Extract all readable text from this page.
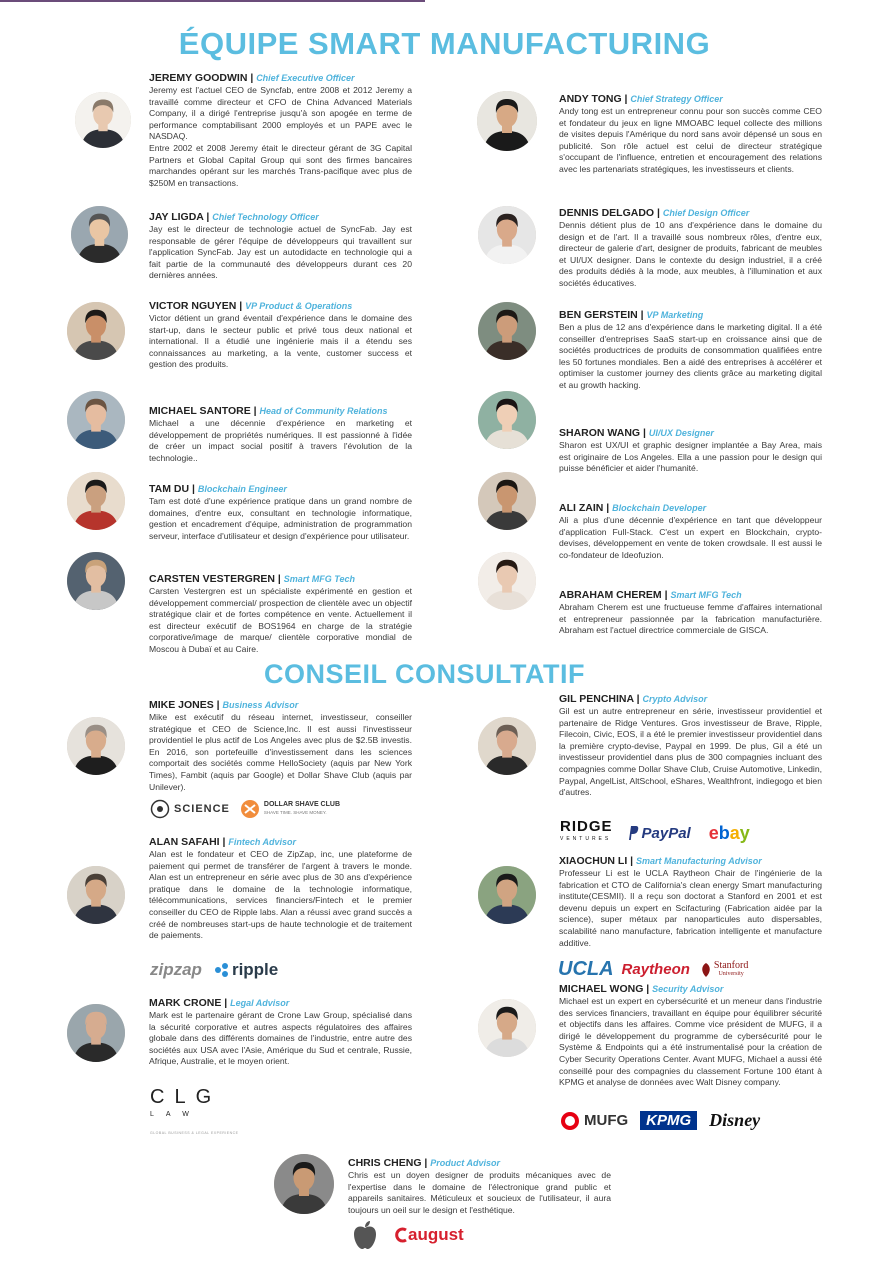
ÉQUIPE SMART MANUFACTURING
CONSEIL CONSULTATIF
JEREMY GOODWIN | Chief Executive Officer

Jeremy est l'actuel CEO de Syncfab, entre 2008 et 2012 Jeremy a travaillé comme directeur et CFO de China Advanced Materials Company, il a dirigé l'entreprise jusqu'à son apogée en terme de performance comptabilisant 2000 employés et un PAPE avec le NASDAQ.

Entre 2002 et 2008 Jeremy était le directeur gérant de 3G Capital Partners et Global Capital Group qui sont des firmes bancaires marchandes opérant sur les marchés Trans-pacifique avec plus de $250M en transactions.

JAY LIGDA | Chief Technology Officer

Jay est le directeur de technologie actuel de SyncFab. Jay est responsable de gérer l'équipe de développeurs qui travaillent sur l'application SyncFab. Jay est un autodidacte en technologie qui a fait partie de la communauté des développeurs durant ces 20 dernières années.

VICTOR NGUYEN | VP Product & Operations

Victor détient un grand éventail d'expérience dans le domaine des start-up, dans le secteur public et privé tous deux national et international. Il a étudié une ingénierie mais il a étendu ses connaissances au marketing, a la vente, customer success et gestion des produits.

MICHAEL SANTORE | Head of Community Relations

Michael a une décennie d'expérience en marketing et développement de propriétés numériques. Il est passionné à l'idée de créer un impact social positif à travers l'évolution de la technologie..

TAM DU | Blockchain Engineer

Tam est doté d'une expérience pratique dans un grand nombre de domaines, d'entre eux, consultant en technologie informatique, gestion et encadrement d'équipe, administration de programmation serveur, interface d'utilisateur et design d'expérience pour utilisateur.

CARSTEN VESTERGREN | Smart MFG Tech

Carsten Vestergren est un spécialiste expérimenté en gestion et développement commercial/ prospection de clientèle avec un objectif stratégique clair et de fortes compétence en vente. Actuellement il est directeur exécutif de BOS1964 en charge de la stratégie corporative/image de marque/ clientèle corporative mondial de Moscou à Dubaï et au Caire.

ANDY TONG | Chief Strategy Officer

Andy tong est un entrepreneur connu pour son succès comme CEO et fondateur du jeux en ligne MMOABC lequel collecte des millions de visites depuis l'Amérique du nord sans avoir dépensé un sous en publicité. Son rôle actuel est celui de directeur stratégique s'occupant de l'influence, entretien et encouragement des relations avec les partenariats stratégiques, les investisseurs et clients.

DENNIS DELGADO | Chief Design Officer

Dennis détient plus de 10 ans d'expérience dans le domaine du design et de l'art. Il a travaillé sous nombreux rôles, d'entre eux, directeur de galerie d'art, designer de produits, fabricant de meubles et UI/UX designer. Dans le contexte du design industriel, il a créé des produits dédiés à la mode, aux meubles, à l'illumination et aux sociétés éducatives.

BEN GERSTEIN | VP Marketing

Ben a plus de 12 ans d'expérience dans le marketing digital. Il a été conseiller d'entreprises SaaS start-up en croissance ainsi que de sociétés productrices de produits de consommation qualifiées entre les 50 fortunes mondiales. Ben a aidé des entreprises à accélérer et optimiser la customer journey des clients grâce au marketing digital et au growth hacking.

SHARON WANG | UI/UX Designer

Sharon est UX/UI et graphic designer implantée a Bay Area, mais est originaire de Los Angeles. Ella a une passion pour le design qui puisse bénéficier et aider l'humanité.

ALI ZAIN | Blockchain Developer

Ali a plus d'une décennie d'expérience en tant que développeur d'application Full-Stack. C'est un expert en Blockchain, crypto-devises, développement en vente de token crowdsale. Il est aussi le co-fondateur de Ideofuzion.

ABRAHAM CHEREM | Smart MFG Tech

Abraham Cherem est une fructueuse femme d'affaires international et entrepreneur passionnée par la fabrication manufacturière. Abraham est l'actuel directrice commerciale de GISCA.

MIKE JONES | Business Advisor

Mike est exécutif du réseau internet, investisseur, conseiller stratégique et CEO de Science,Inc. Il est aussi l'investisseur providentiel le plus actif de Los Angeles avec plus de $2.5B investis. En 2016, son portefeuille d'investissement dans les sciences comportait des sociétés comme HelloSociety (aquis par New York Times), Fambit (aquis par Google) et Dollar Shave Club (aquis par Unilever).

ALAN SAFAHI | Fintech Advisor

Alan est le fondateur et CEO de ZipZap, inc, une plateforme de paiement qui permet de transférer de l'argent à travers le monde. Alan est un entrepreneur en série avec plus de 30 ans d'expérience pratique dans le domaine de la technologie informatique, télécommunications, services financiers/Fintech et le premier conseiller du CEO de Ripple labs. Alan a réussi avec grand succès a créé de nombreuses start-ups de haute technologie et de traitement de paiements.

MARK CRONE | Legal Advisor

Mark est le partenaire gérant de Crone Law Group, spécialisé dans la sécurité corporative et autres aspects régulatoires des affaires globale dans des différents domaines de l'industrie, entre autre des sociétés aux USA avec l'Asie, Amérique du Sud et centrale, Russie, Afrique, Australie, et le moyen orient.

GIL PENCHINA | Crypto Advisor

Gil est un autre entrepreneur en série, investisseur providentiel et partenaire de Ridge Ventures. Gros investisseur de Brave, Ripple, Filecoin, Civic, EOS, il a été le premier investisseur providentiel dans la première crypto-devise, Paypal en 1999. De plus, Gil a été un investisseur providentiel dans plus de 300 compagnies incluant des compagnies comme Dollar Shave Club, Cruise Automotive, Linkedin, Paypal, AngelList, AltSchool, eShares, Wealthfront, indiegogo et bien d'autres.

XIAOCHUN LI | Smart Manufacturing Advisor

Professeur Li est le UCLA Raytheon Chair de l'ingénierie de la fabrication et CTO de California's clean energy Smart manufacturing institute(CESMII). Il a reçu son doctorat a Stanford en 2001 et est devenu depuis un expert en Scifacturing (Fabrication aidée par la science), super métaux par nanoparticules auto dispersables, scalabilité nano manufacture, fabrication intelligente et manufacture additive.

MICHAEL WONG | Security Advisor

Michael est un expert en cybersécurité et un meneur dans l'industrie des services financiers, travaillant en équipe pour équilibrer sécurité et objectifs dans les affaires. Comme vice président de MUFG, il a dirigé le développement du programme de cybersécurité pour le Système & Endpoints qui a été instrumentalisé pour la création de Cyber Security Operations Center. Avant MUFG, Michael a aussi été conseillé pour des compagnies du classement Fortune 100 étant à KPMG et analyse de données avec Walt Disney company.

CHRIS CHENG | Product Advisor

Chris est un doyen designer de produits mécaniques avec de l'expertise dans le domaine de l'électronique grand public et appareils sanitaires. Méticuleux et soucieux de l'utilisateur, il aura toujours un oeil sur le design et l'esthétique.

SCIENCE	DOLLAR SHAVE CLUB
SHAVE TIME. SHAVE MONEY.
zipzap ripple
CLG
LAW
GLOBAL BUSINESS & LEGAL EXPERIENCE
RIDGE
VENTURES PayPal ebay
UCLA Raytheon Stanford
University
MUFG	KPMG	Disney
august
